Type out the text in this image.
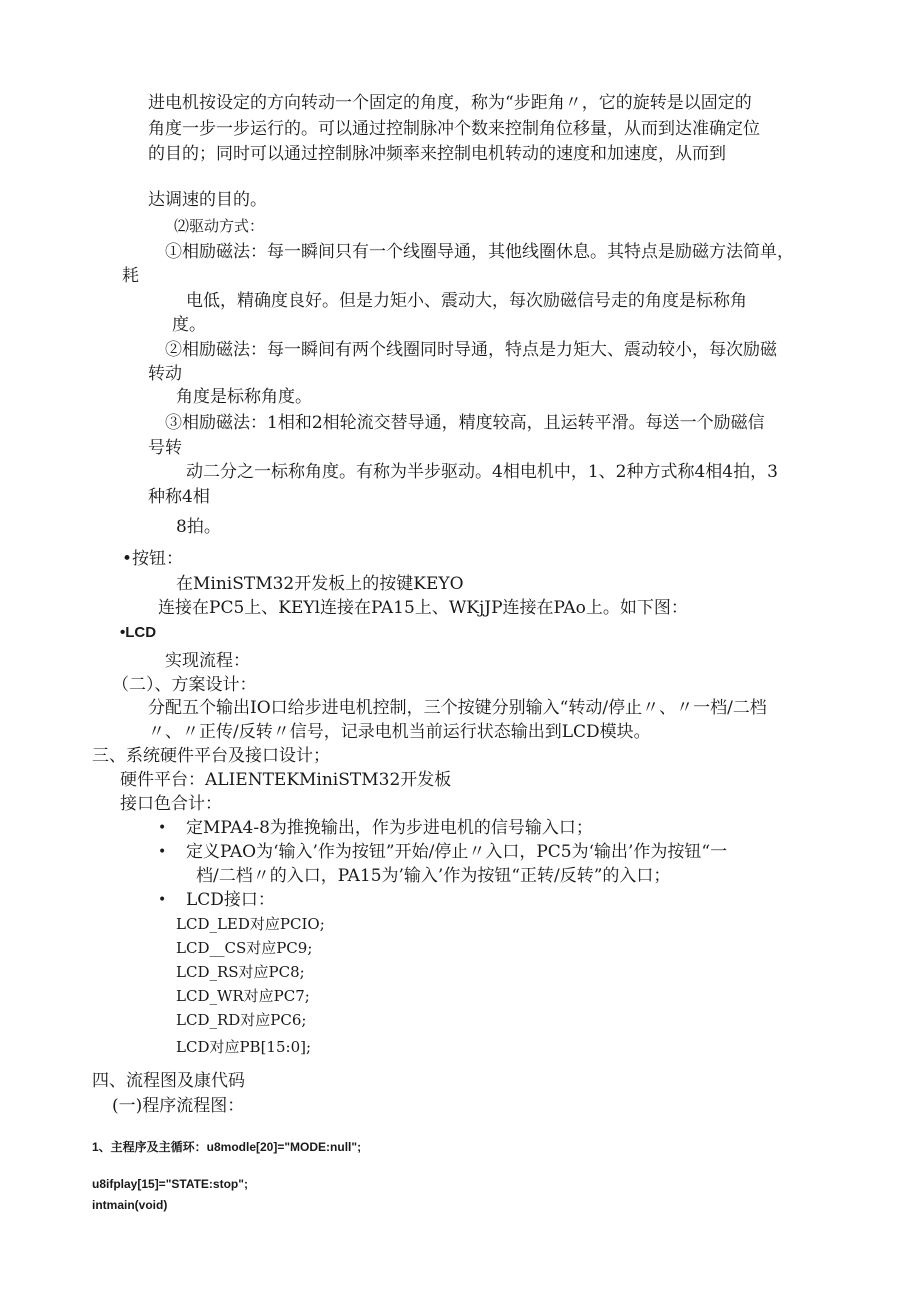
进电机按设定的方向转动一个固定的角度，称为“步距角〃，它的旋转是以固定的

角度一步一步运行的。可以通过控制脉冲个数来控制角位移量，从而到达准确定位

的目的；同时可以通过控制脉冲频率来控制电机转动的速度和加速度，从而到

达调速的目的。

⑵驱动方式：

①相励磁法：每一瞬间只有一个线圈导通，其他线圈休息。其特点是励磁方法简单，

耗

电低，精确度良好。但是力矩小、震动大，每次励磁信号走的角度是标称角

度。

②相励磁法：每一瞬间有两个线圈同时导通，特点是力矩大、震动较小，每次励磁

转动

角度是标称角度。

③相励磁法：1相和2相轮流交替导通，精度较高，且运转平滑。每送一个励磁信

号转

动二分之一标称角度。有称为半步驱动。4相电机中，1、2种方式称4相4拍，3

种称4相

8拍。

•按钮：

在MiniSTM32开发板上的按键KEYO

连接在PC5上、KEYl连接在PA15上、WKjJP连接在PAo上。如下图：

•LCD

实现流程：

（二）、方案设计：

分配五个输出IO口给步进电机控制，三个按键分别输入“转动/停止〃、〃一档/二档

〃、〃正传/反转〃信号，记录电机当前运行状态输出到LCD模块。

三、系统硬件平台及接口设计；

硬件平台：ALIENTEKMiniSTM32开发板

接口色合计：

• 定MPA4-8为推挽输出，作为步进电机的信号输入口；

• 定义PAO为‘输入’作为按钮”开始/停止〃入口，PC5为‘输出’作为按钮“一

档/二档〃的入口，PA15为’输入’作为按钮“正转/反转”的入口；

• LCD接口：

LCD_LED对应PCIO;

LCD__CS对应PC9;

LCD_RS对应PC8;

LCD_WR对应PC7;

LCD_RD对应PC6;

LCD对应PB[15:0];

四、流程图及康代码

(一)程序流程图：

1、主程序及主循环：u8modle[20]="MODE:null";

u8ifplay[15]="STATE:stop";

intmain(void)
